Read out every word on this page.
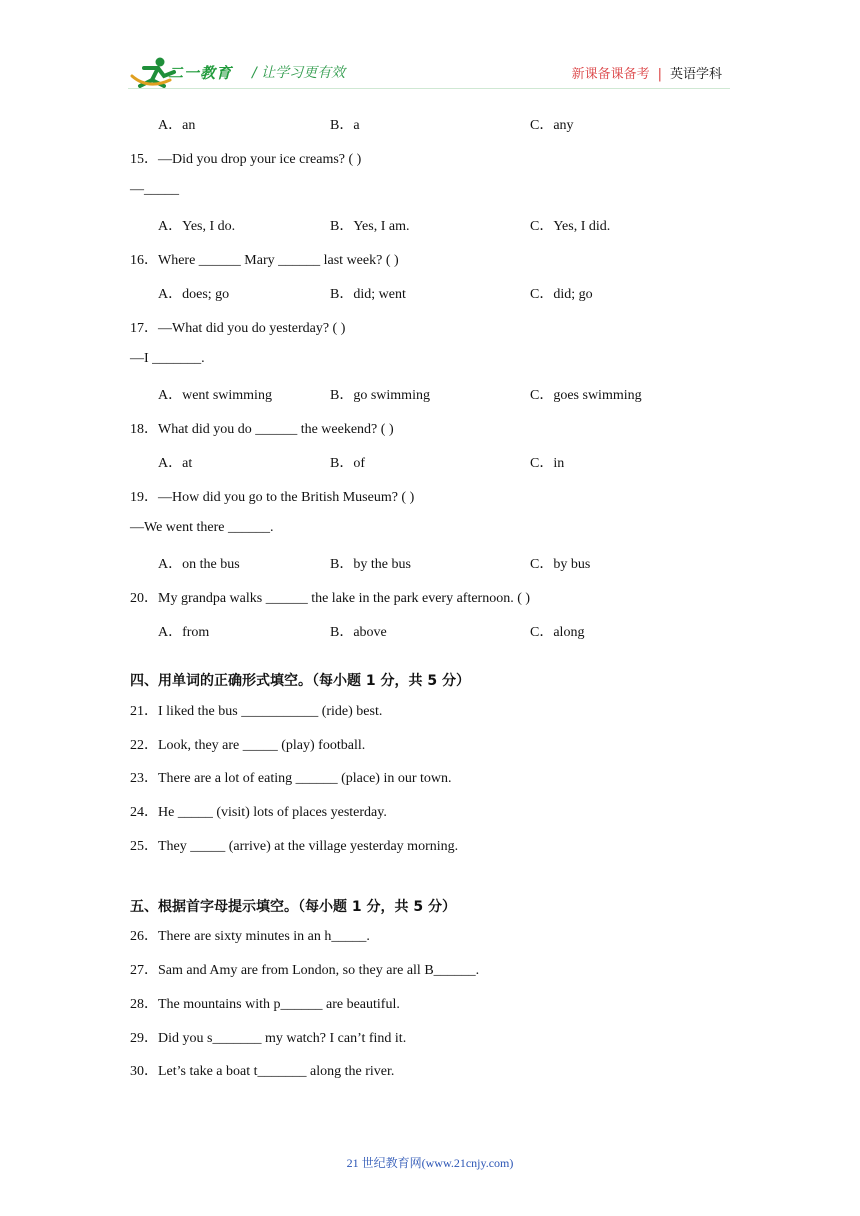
二一教育 / 让学习更有效	新课备课备考 | 英语学科
A．an	B．a	C．any
15．—Did you drop your ice creams? ( )
—_____
A．Yes, I do.	B．Yes, I am.	C．Yes, I did.
16．Where ______ Mary ______ last week? ( )
A．does; go	B．did; went	C．did; go
17．—What did you do yesterday? ( )
—I _______.
A．went swimming	B．go swimming	C．goes swimming
18．What did you do ______ the weekend? ( )
A．at	B．of	C．in
19．—How did you go to the British Museum? ( )
—We went there ______.
A．on the bus	B．by the bus	C．by bus
20．My grandpa walks ______ the lake in the park every afternoon. ( )
A．from	B．above	C．along
四、用单词的正确形式填空。（每小题 1 分，共 5 分）
21．I liked the bus ___________ (ride) best.
22．Look, they are _____ (play) football.
23．There are a lot of eating ______ (place) in our town.
24．He _____ (visit) lots of places yesterday.
25．They _____ (arrive) at the village yesterday morning.
五、根据首字母提示填空。（每小题 1 分，共 5 分）
26．There are sixty minutes in an h_____.
27．Sam and Amy are from London, so they are all B______.
28．The mountains with p______ are beautiful.
29．Did you s_______ my watch? I can’t find it.
30．Let’s take a boat t_______ along the river.
21 世纪教育网(www.21cnjy.com)
